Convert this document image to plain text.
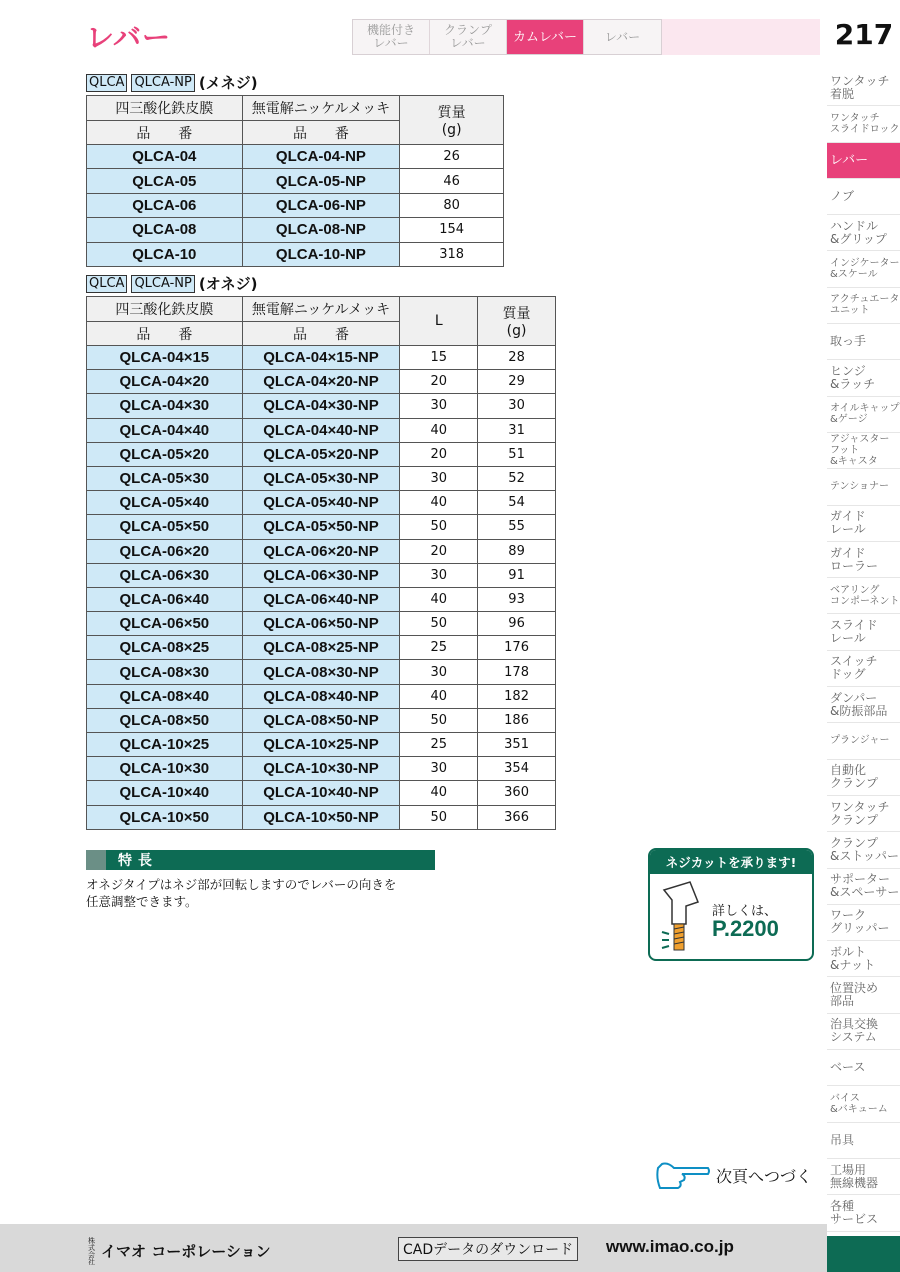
レバー	機能付き
レバー
クランプ
レバー	カムレバー	レバー	217
ワンタッチ
着脱
ワンタッチ
スライドロック
レバー
ノブ
ハンドル
&グリップ
インジケーター
&スケール
アクチュエータ
ユニット
取っ手
ヒンジ
&ラッチ
オイルキャップ
&ゲージ
アジャスター
フット
&キャスタ
テンショナー
ガイド
レール
ガイド
ローラー
ベアリング
コンポーネント
スライド
レール
スイッチ
ドッグ
ダンパー
&防振部品
プランジャー
自動化
クランプ
ワンタッチ
クランプ
クランプ
&ストッパー
サポーター
&スペーサー
ワーク
グリッパー
ボルト
&ナット
位置決め
部品
治具交換
システム
ベース
バイス
&バキューム
吊具
工場用
無線機器
各種
サービス
QLCA QLCA-NP (メネジ)
四三酸化鉄皮膜	無電解ニッケルメッキ	質量
(g)

品　　番	品　　番	
QLCA-04	QLCA-04-NP	26
QLCA-05	QLCA-05-NP	46
QLCA-06	QLCA-06-NP	80
QLCA-08	QLCA-08-NP	154
QLCA-10	QLCA-10-NP	318
QLCA QLCA-NP (オネジ)
四三酸化鉄皮膜	無電解ニッケルメッキ	L	質量
(g)

品　　番	品　　番		
QLCA-04×15	QLCA-04×15-NP	15	28
QLCA-04×20	QLCA-04×20-NP	20	29
QLCA-04×30	QLCA-04×30-NP	30	30
QLCA-04×40	QLCA-04×40-NP	40	31
QLCA-05×20	QLCA-05×20-NP	20	51
QLCA-05×30	QLCA-05×30-NP	30	52
QLCA-05×40	QLCA-05×40-NP	40	54
QLCA-05×50	QLCA-05×50-NP	50	55
QLCA-06×20	QLCA-06×20-NP	20	89
QLCA-06×30	QLCA-06×30-NP	30	91
QLCA-06×40	QLCA-06×40-NP	40	93
QLCA-06×50	QLCA-06×50-NP	50	96
QLCA-08×25	QLCA-08×25-NP	25	176
QLCA-08×30	QLCA-08×30-NP	30	178
QLCA-08×40	QLCA-08×40-NP	40	182
QLCA-08×50	QLCA-08×50-NP	50	186
QLCA-10×25	QLCA-10×25-NP	25	351
QLCA-10×30	QLCA-10×30-NP	30	354
QLCA-10×40	QLCA-10×40-NP	40	360
QLCA-10×50	QLCA-10×50-NP	50	366
特長
オネジタイプはネジ部が回転しますのでレバーの向きを
任意調整できます。
ネジカットを承ります!
詳しくは、
P.2200
次頁へつづく
株式会社イマオ コーポレーション	CADデータのダウンロード www.imao.co.jp
